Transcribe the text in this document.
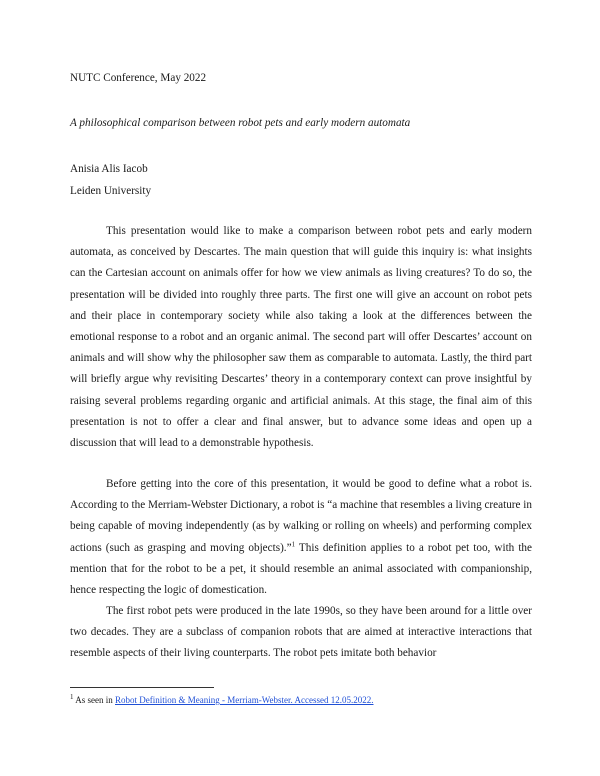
NUTC Conference, May 2022
A philosophical comparison between robot pets and early modern automata
Anisia Alis Iacob
Leiden University

This presentation would like to make a comparison between robot pets and early modern automata, as conceived by Descartes. The main question that will guide this inquiry is: what insights can the Cartesian account on animals offer for how we view animals as living creatures? To do so, the presentation will be divided into roughly three parts. The first one will give an account on robot pets and their place in contemporary society while also taking a look at the differences between the emotional response to a robot and an organic animal. The second part will offer Descartes’ account on animals and will show why the philosopher saw them as comparable to automata. Lastly, the third part will briefly argue why revisiting Descartes’ theory in a contemporary context can prove insightful by raising several problems regarding organic and artificial animals. At this stage, the final aim of this presentation is not to offer a clear and final answer, but to advance some ideas and open up a discussion that will lead to a demonstrable hypothesis.

Before getting into the core of this presentation, it would be good to define what a robot is. According to the Merriam-Webster Dictionary, a robot is “a machine that resembles a living creature in being capable of moving independently (as by walking or rolling on wheels) and performing complex actions (such as grasping and moving objects).”$^1$ This definition applies to a robot pet too, with the mention that for the robot to be a pet, it should resemble an animal associated with companionship, hence respecting the logic of domestication.

The first robot pets were produced in the late 1990s, so they have been around for a little over two decades. They are a subclass of companion robots that are aimed at interactive interactions that resemble aspects of their living counterparts. The robot pets imitate both behavior

$^1$ As seen in Robot Definition & Meaning - Merriam-Webster. Accessed 12.05.2022.
